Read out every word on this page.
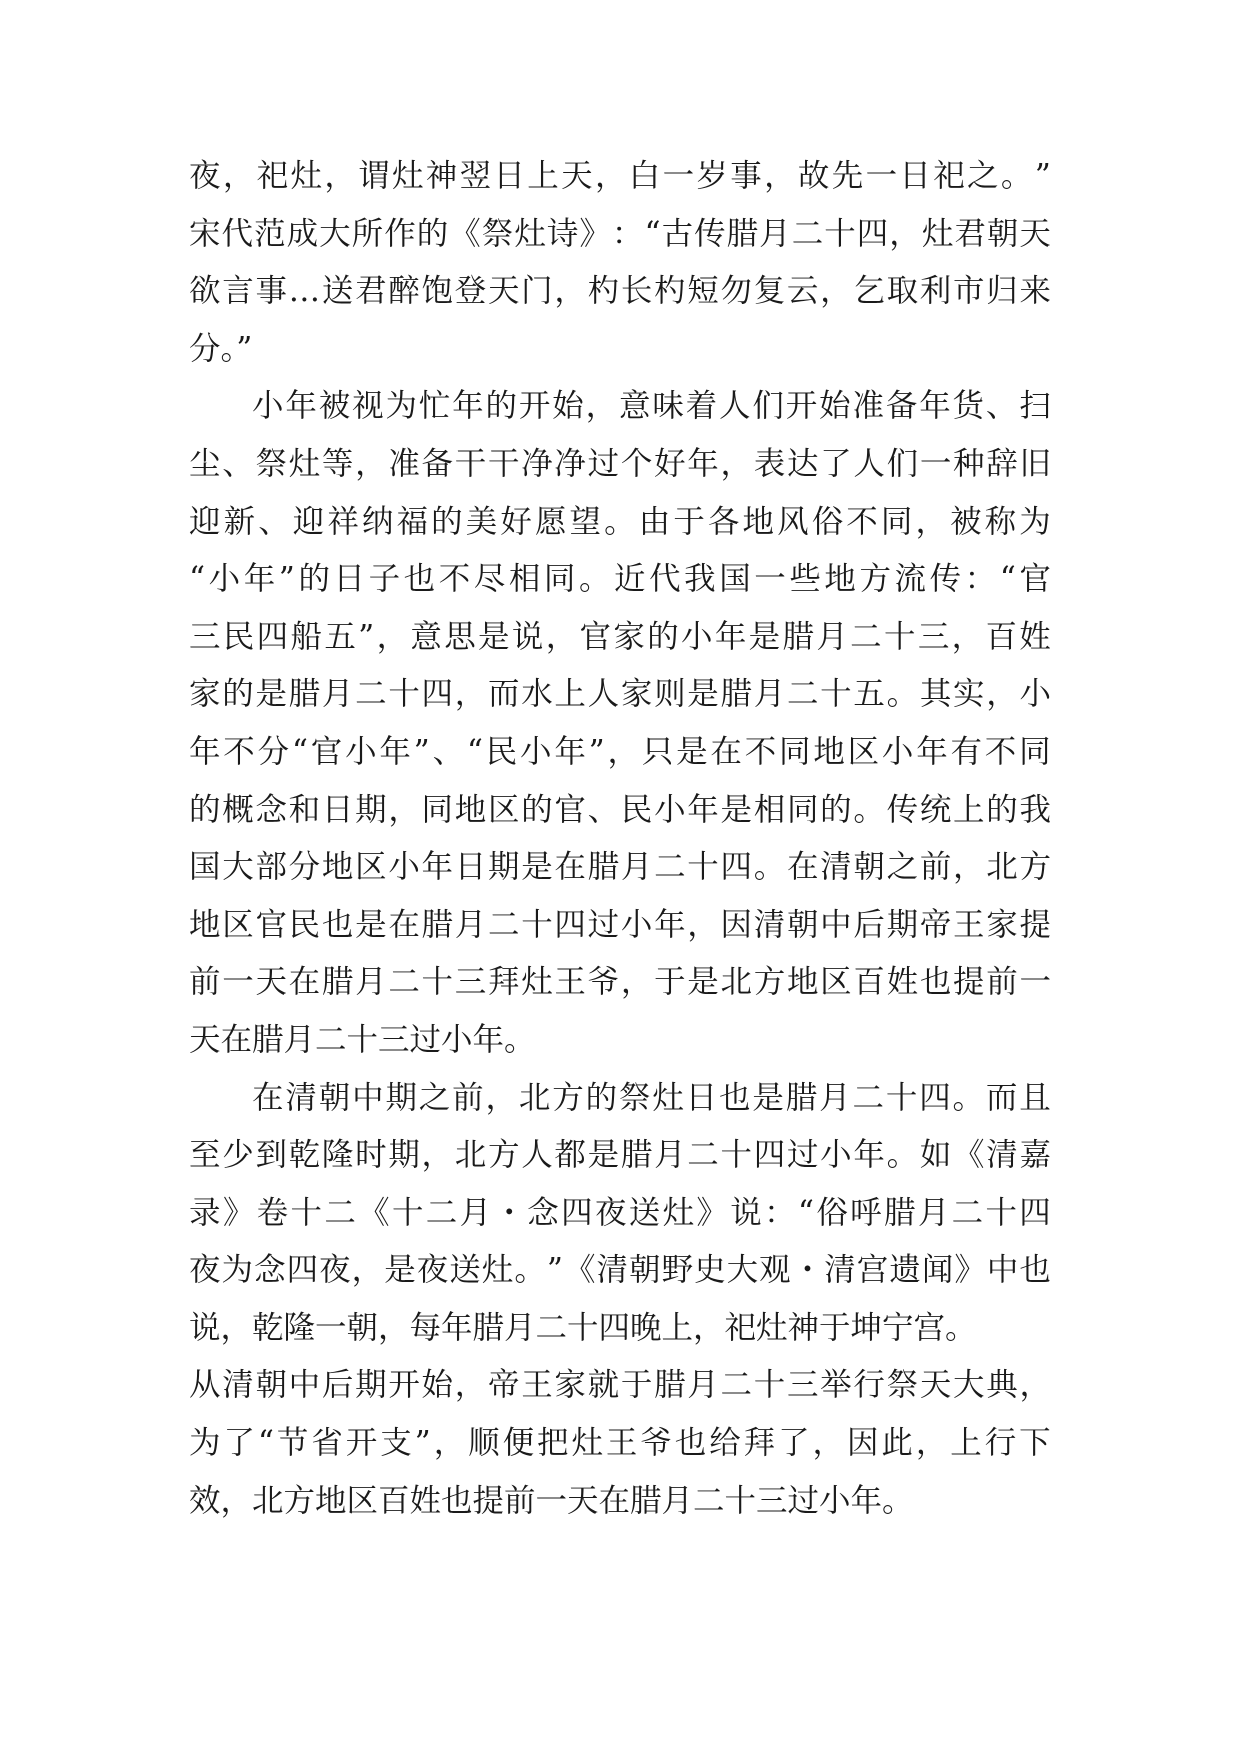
夜 ， 祀 灶 ， 谓 灶 神 翌 日 上 天 ， 白 一 岁 事 ， 故 先 一 日 祀 之 。 ”
宋 代 范 成 大 所 作 的 《 祭 灶 诗 》 ： “ 古 传 腊 月 二 十 四 ， 灶 君 朝 天
欲 言 事 … 送 君 醉 饱 登 天 门 ， 杓 长 杓 短 勿 复 云 ， 乞 取 利 市 归 来
分。”
小 年 被 视 为 忙 年 的 开 始 ， 意 味 着 人 们 开 始 准 备 年 货 、 扫
尘 、 祭 灶 等 ， 准 备 干 干 净 净 过 个 好 年 ， 表 达 了 人 们 一 种 辞 旧
迎 新 、 迎 祥 纳 福 的 美 好 愿 望 。 由 于 各 地 风 俗 不 同 ， 被 称 为
“ 小 年 ” 的 日 子 也 不 尽 相 同 。 近 代 我 国 一 些 地 方 流 传 ： “ 官
三 民 四 船 五 ” ， 意 思 是 说 ， 官 家 的 小 年 是 腊 月 二 十 三 ， 百 姓
家 的 是 腊 月 二 十 四 ， 而 水 上 人 家 则 是 腊 月 二 十 五 。 其 实 ， 小
年 不 分 “ 官 小 年 ” 、 “ 民 小 年 ” ， 只 是 在 不 同 地 区 小 年 有 不 同
的 概 念 和 日 期 ， 同 地 区 的 官 、 民 小 年 是 相 同 的 。 传 统 上 的 我
国 大 部 分 地 区 小 年 日 期 是 在 腊 月 二 十 四 。 在 清 朝 之 前 ， 北 方
地 区 官 民 也 是 在 腊 月 二 十 四 过 小 年 ， 因 清 朝 中 后 期 帝 王 家 提
前 一 天 在 腊 月 二 十 三 拜 灶 王 爷 ， 于 是 北 方 地 区 百 姓 也 提 前 一
天在腊月二十三过小年。
在 清 朝 中 期 之 前 ， 北 方 的 祭 灶 日 也 是 腊 月 二 十 四 。 而 且
至 少 到 乾 隆 时 期 ， 北 方 人 都 是 腊 月 二 十 四 过 小 年 。 如 《 清 嘉
录 》 卷 十 二 《 十 二 月 ・ 念 四 夜 送 灶 》 说 ： “ 俗 呼 腊 月 二 十 四
夜 为 念 四 夜 ， 是 夜 送 灶 。 ” 《 清 朝 野 史 大 观 ・ 清 宫 遗 闻 》 中 也
说，乾隆一朝，每年腊月二十四晚上，祀灶神于坤宁宫。
从 清 朝 中 后 期 开 始 ， 帝 王 家 就 于 腊 月 二 十 三 举 行 祭 天 大 典 ，
为 了 “ 节 省 开 支 ” ， 顺 便 把 灶 王 爷 也 给 拜 了 ， 因 此 ， 上 行 下
效，北方地区百姓也提前一天在腊月二十三过小年。
